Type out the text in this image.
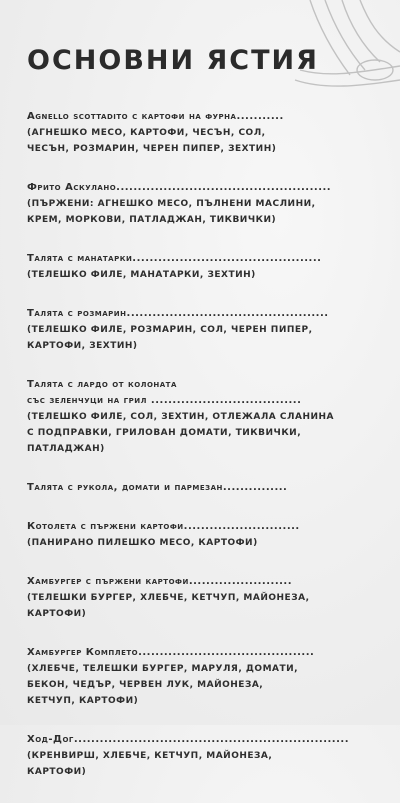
ОСНОВНИ ЯСТИЯ
Agnello scottadito с картофи на фурна...........
(АГНЕШКО МЕСО, КАРТОФИ, ЧЕСЪН, СОЛ,
ЧЕСЪН, РОЗМАРИН, ЧЕРЕН ПИПЕР, ЗЕХТИН)
Фрито Аскулано..................................................
(ПЪРЖЕНИ: АГНЕШКО МЕСО, ПЪЛНЕНИ МАСЛИНИ,
КРЕМ, МОРКОВИ, ПАТЛАДЖАН, ТИКВИЧКИ)
Талята с манатарки............................................
(ТЕЛЕШКО ФИЛЕ, МАНАТАРКИ, ЗЕХТИН)
Талята с розмарин...............................................
(ТЕЛЕШКО ФИЛЕ, РОЗМАРИН, СОЛ, ЧЕРЕН ПИПЕР,
КАРТОФИ, ЗЕХТИН)
Талята с лардо от колоната
със зеленчуци на грил ...................................
(ТЕЛЕШКО ФИЛЕ, СОЛ, ЗЕХТИН, ОТЛЕЖАЛА СЛАНИНА
С ПОДПРАВКИ, ГРИЛОВАН ДОМАТИ, ТИКВИЧКИ,
ПАТЛАДЖАН)
Талята с рукола, домати и пармезан...............
Котолета с пържени картофи...........................
(ПАНИРАНО ПИЛЕШКО МЕСО, КАРТОФИ)
Хамбургер с пържени картофи........................
(ТЕЛЕШКИ БУРГЕР, ХЛЕБЧЕ, КЕТЧУП, МАЙОНЕЗА,
КАРТОФИ)
Хамбургер Комплето.........................................
(ХЛЕБЧЕ, ТЕЛЕШКИ БУРГЕР, МАРУЛЯ, ДОМАТИ,
БЕКОН, ЧЕДЪР, ЧЕРВЕН ЛУК, МАЙОНЕЗА,
КЕТЧУП, КАРТОФИ)
Ход-Дог................................................................
(КРЕНВИРШ, ХЛЕБЧЕ, КЕТЧУП, МАЙОНЕЗА,
КАРТОФИ)
